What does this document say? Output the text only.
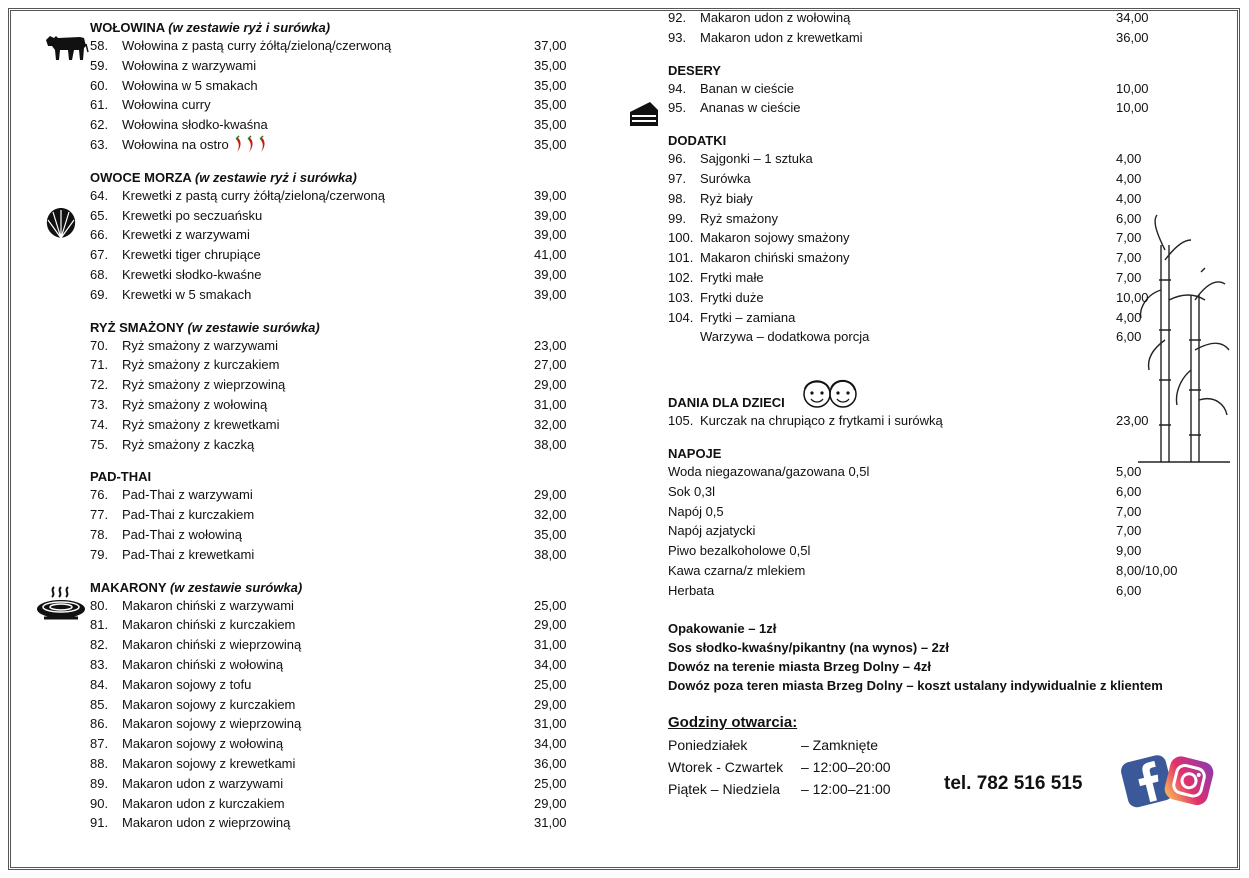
WOŁOWINA (w zestawie ryż i surówka)
58.	Wołowina z pastą curry żółtą/zieloną/czerwoną	37,00
59.	Wołowina z warzywami	35,00
60.	Wołowina w 5 smakach	35,00
61.	Wołowina curry	35,00
62.	Wołowina słodko-kwaśna	35,00
63.	Wołowina na ostro	35,00
OWOCE MORZA (w zestawie ryż i surówka)
64.	Krewetki z pastą curry żółtą/zieloną/czerwoną	39,00
65.	Krewetki po seczuańsku	39,00
66.	Krewetki z warzywami	39,00
67.	Krewetki tiger chrupiące	41,00
68.	Krewetki słodko-kwaśne	39,00
69.	Krewetki w 5 smakach	39,00
RYŻ SMAŻONY (w zestawie surówka)
70.	Ryż smażony z warzywami	23,00
71.	Ryż smażony z kurczakiem	27,00
72.	Ryż smażony z wieprzowiną	29,00
73.	Ryż smażony z wołowiną	31,00
74.	Ryż smażony z krewetkami	32,00
75.	Ryż smażony z kaczką	38,00
PAD-THAI
76.	Pad-Thai z warzywami	29,00
77.	Pad-Thai z kurczakiem	32,00
78.	Pad-Thai z wołowiną	35,00
79.	Pad-Thai z krewetkami	38,00
MAKARONY (w zestawie surówka)
80.	Makaron chiński z warzywami	25,00
81.	Makaron chiński z kurczakiem	29,00
82.	Makaron chiński z wieprzowiną	31,00
83.	Makaron chiński z wołowiną	34,00
84.	Makaron sojowy z tofu	25,00
85.	Makaron sojowy z kurczakiem	29,00
86.	Makaron sojowy z wieprzowiną	31,00
87.	Makaron sojowy z wołowiną	34,00
88.	Makaron sojowy z krewetkami	36,00
89.	Makaron udon z warzywami	25,00
90.	Makaron udon z kurczakiem	29,00
91.	Makaron udon z wieprzowiną	31,00
92.	Makaron udon z wołowiną	34,00
93.	Makaron udon z krewetkami	36,00
DESERY
94.	Banan w cieście	10,00
95.	Ananas w cieście	10,00
DODATKI
96.	Sajgonki – 1 sztuka	4,00
97.	Surówka	4,00
98.	Ryż biały	4,00
99.	Ryż smażony	6,00
100. Makaron sojowy smażony	7,00
101. Makaron chiński smażony	7,00
102. Frytki małe	7,00
103. Frytki duże	10,00
104. Frytki – zamiana	4,00
Warzywa – dodatkowa porcja	6,00
DANIA DLA DZIECI
105. Kurczak na chrupiąco z frytkami i surówką	23,00
NAPOJE
Woda niegazowana/gazowana 0,5l	5,00
Sok 0,3l	6,00
Napój 0,5	7,00
Napój azjatycki	7,00
Piwo bezalkoholowe 0,5l	9,00
Kawa czarna/z mlekiem	8,00/10,00
Herbata	6,00
Opakowanie – 1zł
Sos słodko-kwaśny/pikantny (na wynos) – 2zł
Dowóz na terenie miasta Brzeg Dolny – 4zł
Dowóz poza teren miasta Brzeg Dolny – koszt ustalany indywidualnie z klientem
Godziny otwarcia:
Poniedziałek	– Zamknięte
Wtorek - Czwartek	– 12:00–20:00
Piątek – Niedziela	– 12:00–21:00	tel. 782 516 515
